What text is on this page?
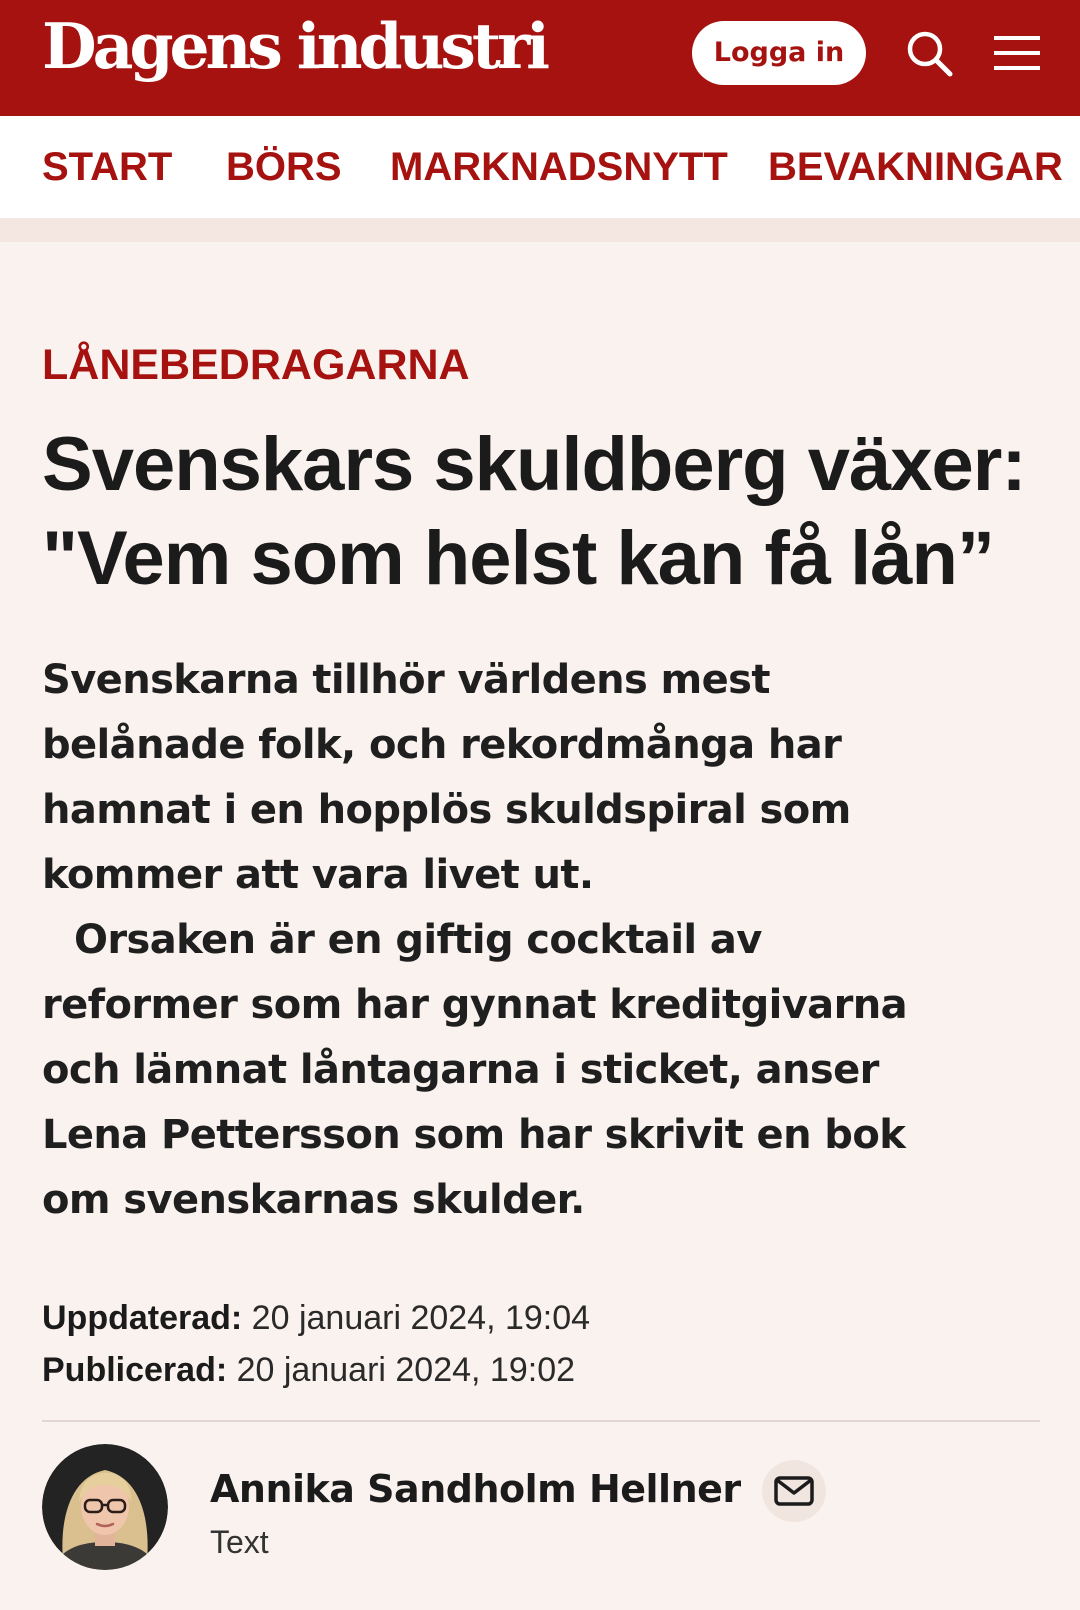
Dagens industri	Logga in
START BÖRS MARKNADSNYTT BEVAKNINGAR

LÅNEBEDRAGARNA

Svenskars skuldberg växer:
"Vem som helst kan få lån”
Svenskarna tillhör världens mest
belånade folk, och rekordmånga har
hamnat i en hopplös skuldspiral som
kommer att vara livet ut.
Orsaken är en giftig cocktail av
reformer som har gynnat kreditgivarna
och lämnat låntagarna i sticket, anser
Lena Pettersson som har skrivit en bok
om svenskarnas skulder.
Uppdaterad: 20 januari 2024, 19:04
Publicerad: 20 januari 2024, 19:02
Annika Sandholm Hellner
Text
